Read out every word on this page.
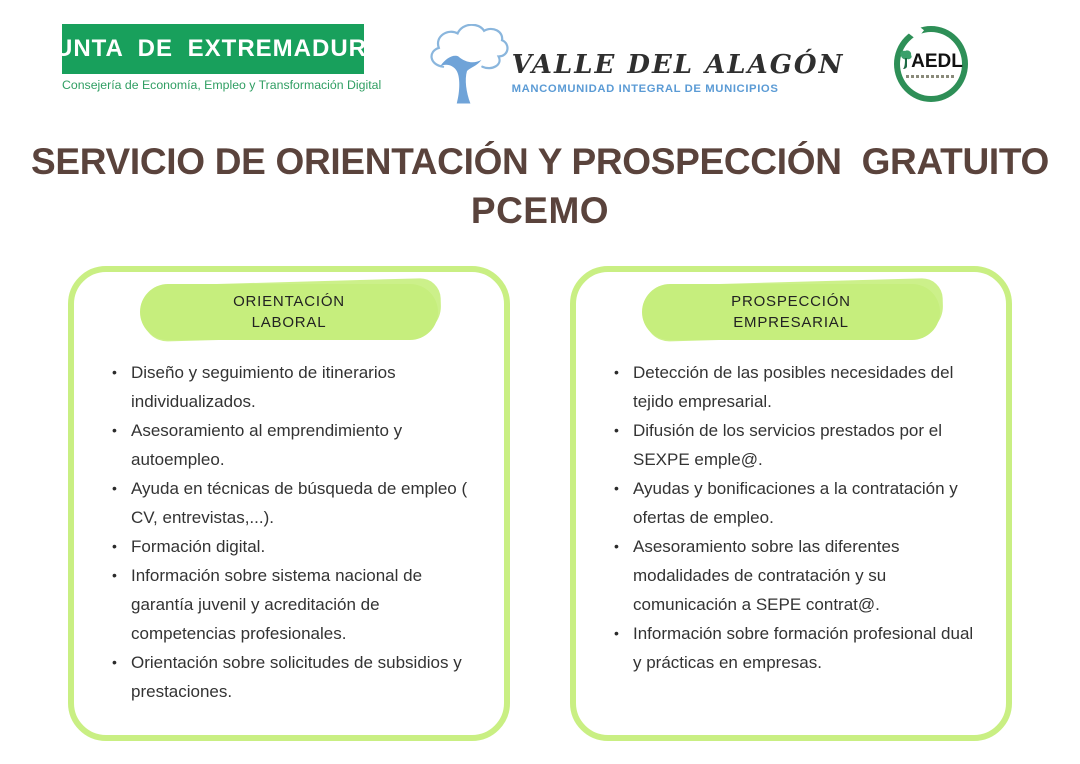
JUNTA DE EXTREMADURA
Consejería de Economía, Empleo y Transformación Digital
VALLE DEL ALAGÓN
MANCOMUNIDAD INTEGRAL DE MUNICIPIOS
AEDL
SERVICIO DE ORIENTACIÓN Y PROSPECCIÓN  GRATUITO
PCEMO
ORIENTACIÓN
LABORAL
• Diseño y seguimiento de itinerarios individualizados.
• Asesoramiento al emprendimiento y autoempleo.
• Ayuda en técnicas de búsqueda de empleo ( CV, entrevistas,...).
• Formación digital.
• Información sobre sistema nacional de garantía juvenil y acreditación de competencias profesionales.
• Orientación sobre solicitudes de subsidios y prestaciones.
PROSPECCIÓN
EMPRESARIAL
• Detección de las posibles necesidades del tejido empresarial.
• Difusión de los servicios prestados por el SEXPE emple@.
• Ayudas y bonificaciones a la contratación y ofertas de empleo.
• Asesoramiento sobre las diferentes modalidades de contratación y su comunicación a SEPE contrat@.
• Información sobre formación profesional dual y prácticas en empresas.
